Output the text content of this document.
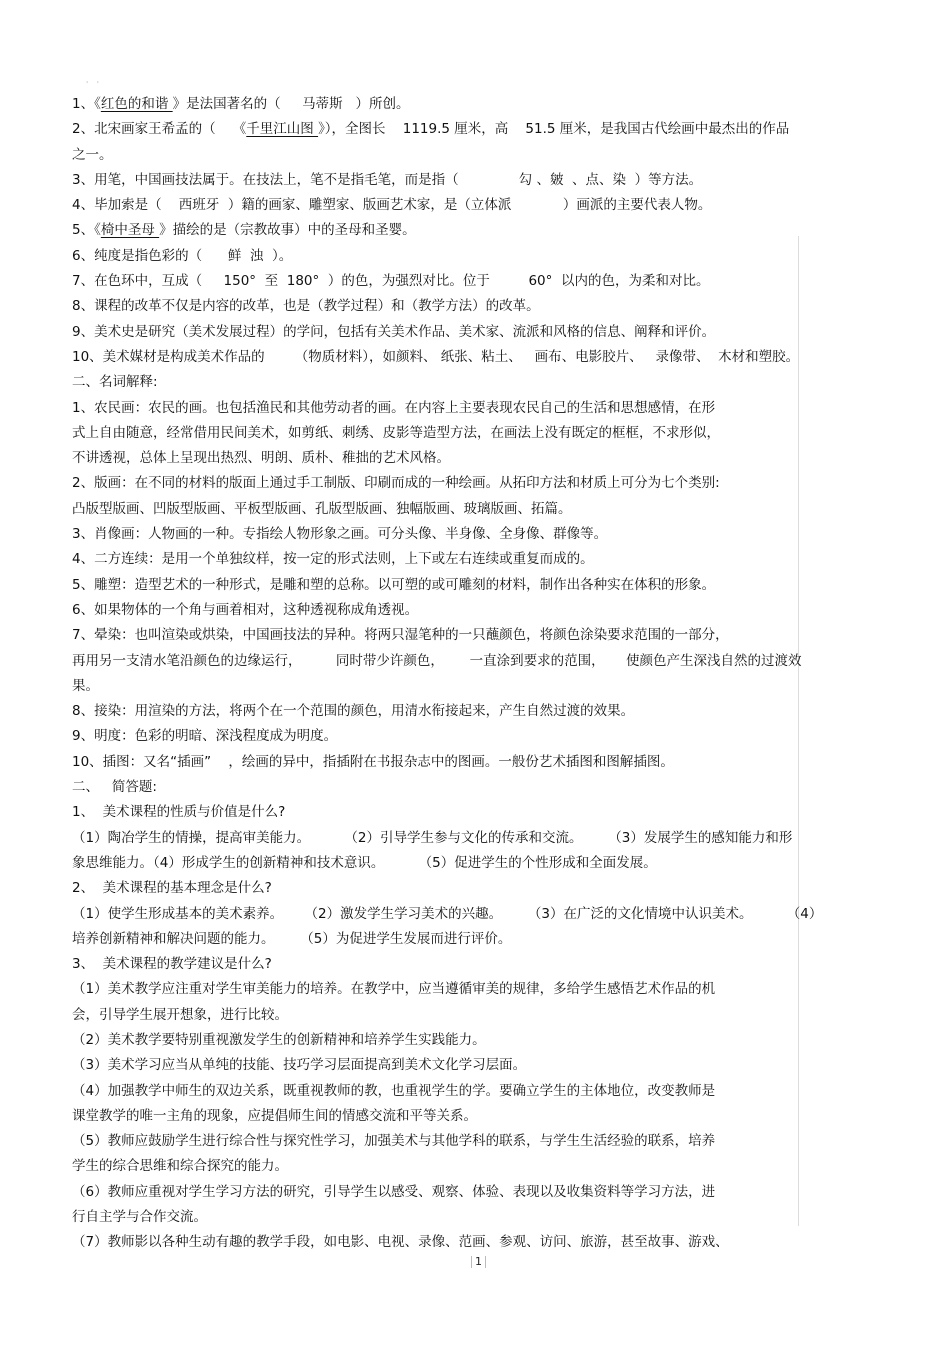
' '
1、《红色的和谐 》是法国著名的（     马蒂斯   ）所创。
2、北宋画家王希孟的（    《千里江山图 》），全图长    1119.5 厘米，高    51.5 厘米，是我国古代绘画中最杰出的作品
之一。
3、用笔，中国画技法属于。在技法上，笔不是指毛笔，而是指（              勾 、皴  、点、染  ）等方法。
4、毕加索是（    西班牙  ）籍的画家、雕塑家、版画艺术家，是（立体派            ）画派的主要代表人物。
5、《椅中圣母 》描绘的是（宗教故事）中的圣母和圣婴。
6、纯度是指色彩的（      鲜  浊  ）。
7、在色环中，互成（     150°  至  180°  ）的色，为强烈对比。位于         60°  以内的色，为柔和对比。
8、课程的改革不仅是内容的改革，也是（教学过程）和（教学方法）的改革。
9、美术史是研究（美术发展过程）的学问，包括有关美术作品、美术家、流派和风格的信息、阐释和评价。
10、美术媒材是构成美术作品的       （物质材料），如颜料、 纸张、粘土、   画布、电影胶片、   录像带、  木材和塑胶。
二、名词解释:
1、农民画：农民的画。也包括渔民和其他劳动者的画。在内容上主要表现农民自己的生活和思想感情，在形
式上自由随意，经常借用民间美术，如剪纸、刺绣、皮影等造型方法，在画法上没有既定的框框，不求形似，
不讲透视，总体上呈现出热烈、明朗、质朴、稚拙的艺术风格。
2、版画：在不同的材料的版面上通过手工制版、印刷而成的一种绘画。从拓印方法和材质上可分为七个类别:
凸版型版画、凹版型版画、平板型版画、孔版型版画、独幅版画、玻璃版画、拓篇。
3、肖像画：人物画的一种。专指绘人物形象之画。可分头像、半身像、全身像、群像等。
4、二方连续：是用一个单独纹样，按一定的形式法则，上下或左右连续或重复而成的。
5、雕塑：造型艺术的一种形式，是雕和塑的总称。以可塑的或可雕刻的材料，制作出各种实在体积的形象。
6、如果物体的一个角与画着相对，这种透视称成角透视。
7、晕染：也叫渲染或烘染，中国画技法的异种。将两只湿笔种的一只蘸颜色，将颜色涂染要求范围的一部分，
再用另一支清水笔沿颜色的边缘运行，        同时带少许颜色，      一直涂到要求的范围，     使颜色产生深浅自然的过渡效
果。
8、接染：用渲染的方法，将两个在一个范围的颜色，用清水衔接起来，产生自然过渡的效果。
9、明度：色彩的明暗、深浅程度成为明度。
10、插图：又名“插画”    ，绘画的异中，指插附在书报杂志中的图画。一般份艺术插图和图解插图。
二、   简答题:
1、  美术课程的性质与价值是什么?
（1）陶冶学生的情操，提高审美能力。        （2）引导学生参与文化的传承和交流。      （3）发展学生的感知能力和形
象思维能力。（4）形成学生的创新精神和技术意识。        （5）促进学生的个性形成和全面发展。
2、  美术课程的基本理念是什么?
（1）使学生形成基本的美术素养。     （2）激发学生学习美术的兴趣。      （3）在广泛的文化情境中认识美术。        （4）
培养创新精神和解决问题的能力。      （5）为促进学生发展而进行评价。
3、  美术课程的教学建议是什么?
（1）美术教学应注重对学生审美能力的培养。在教学中，应当遵循审美的规律，多给学生感悟艺术作品的机
会，引导学生展开想象，进行比较。
（2）美术教学要特别重视激发学生的创新精神和培养学生实践能力。
（3）美术学习应当从单纯的技能、技巧学习层面提高到美术文化学习层面。
（4）加强教学中师生的双边关系，既重视教师的教，也重视学生的学。要确立学生的主体地位，改变教师是
课堂教学的唯一主角的现象，应提倡师生间的情感交流和平等关系。
（5）教师应鼓励学生进行综合性与探究性学习，加强美术与其他学科的联系，与学生生活经验的联系，培养
学生的综合思维和综合探究的能力。
（6）教师应重视对学生学习方法的研究，引导学生以感受、观察、体验、表现以及收集资料等学习方法，进
行自主学与合作交流。
（7）教师影以各种生动有趣的教学手段，如电影、电视、录像、范画、参观、访问、旅游，甚至故事、游戏、
1
